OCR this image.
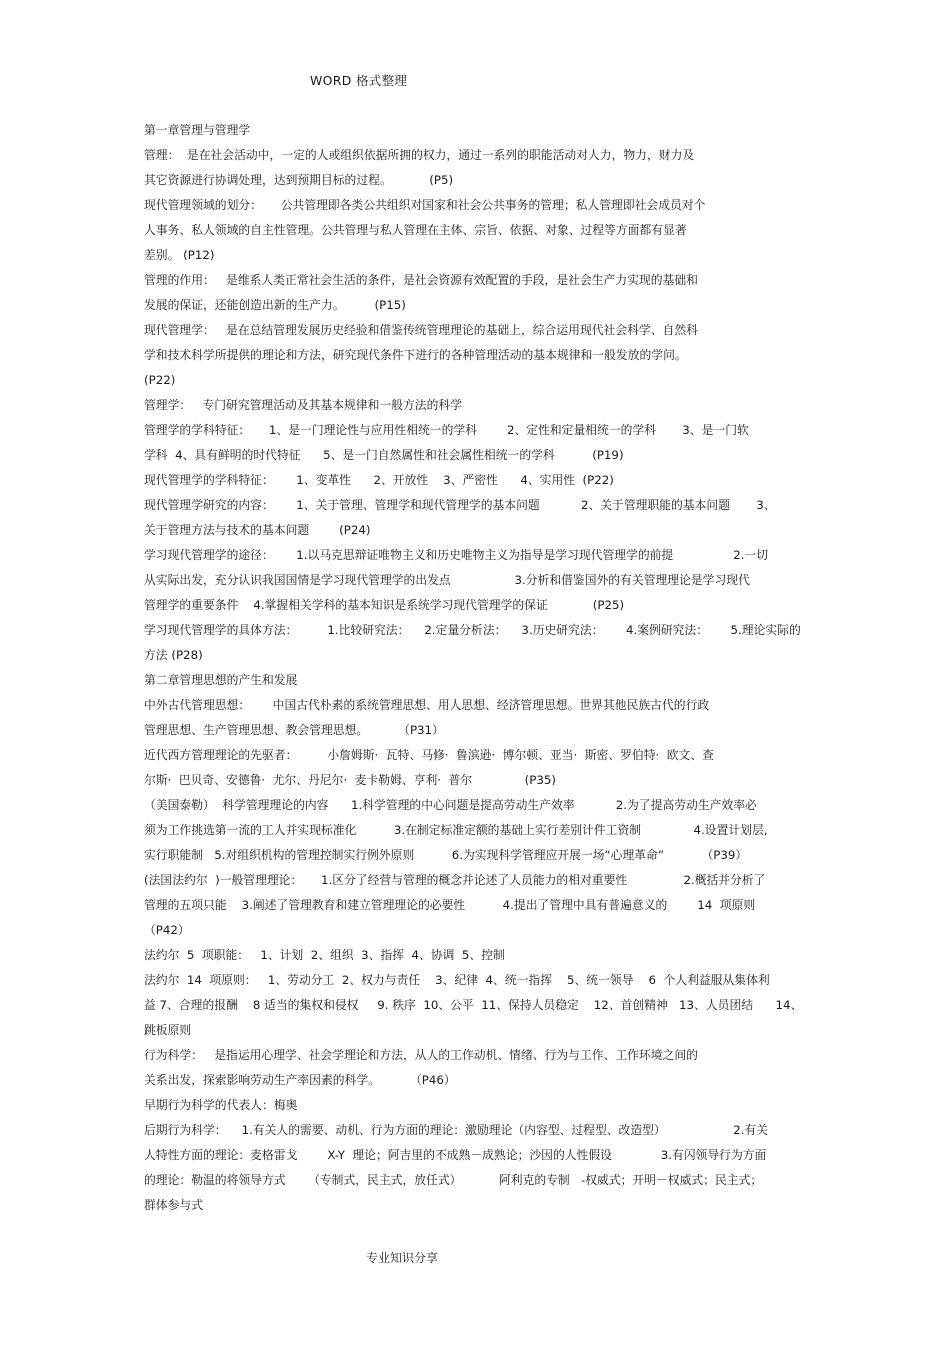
WORD 格式整理
第一章管理与管理学
管理：  是在社会活动中，一定的人或组织依据所拥的权力，通过一系列的职能活动对人力，物力，财力及
其它资源进行协调处理，达到预期目标的过程。          (P5)
现代管理领域的划分：     公共管理即各类公共组织对国家和社会公共事务的管理；私人管理即社会成员对个
人事务、私人领域的自主性管理。公共管理与私人管理在主体、宗旨、依据、对象、过程等方面都有显著
差别。 (P12)
管理的作用：   是维系人类正常社会生活的条件，是社会资源有效配置的手段，是社会生产力实现的基础和
发展的保证，还能创造出新的生产力。        (P15)
现代管理学：   是在总结管理发展历史经验和借鉴传统管理理论的基础上，综合运用现代社会科学、自然科
学和技术科学所提供的理论和方法，研究现代条件下进行的各种管理活动的基本规律和一般发放的学问。
(P22)
管理学：   专门研究管理活动及其基本规律和一般方法的科学
管理学的学科特征：     1、是一门理论性与应用性相统一的学科        2、定性和定量相统一的学科       3、是一门软
学科  4、具有鲜明的时代特征      5、是一门自然属性和社会属性相统一的学科          (P19)
现代管理学的学科特征：      1、变革性      2、开放性    3、严密性      4、实用性  (P22)
现代管理学研究的内容：      1、关于管理、管理学和现代管理学的基本问题           2、关于管理职能的基本问题       3、
关于管理方法与技术的基本问题        (P24)
学习现代管理学的途径：      1.以马克思辩证唯物主义和历史唯物主义为指导是学习现代管理学的前提                2.一切
从实际出发，充分认识我国国情是学习现代管理学的出发点                 3.分析和借鉴国外的有关管理理论是学习现代
管理学的重要条件    4.掌握相关学科的基本知识是系统学习现代管理学的保证            (P25)
学习现代管理学的具体方法：        1.比较研究法：    2.定量分析法：    3.历史研究法：      4.案例研究法：      5.理论实际的
方法 (P28)
第二章管理思想的产生和发展
中外古代管理思想：      中国古代朴素的系统管理思想、用人思想、经济管理思想。世界其他民族古代的行政
管理思想、生产管理思想、教会管理思想。        （P31）
近代西方管理理论的先驱者：        小詹姆斯·  瓦特、马修·  鲁滨逊·  博尔顿、亚当·  斯密、罗伯特·  欧文、查
尔斯·  巴贝奇、安德鲁·  尤尔、丹尼尔·  麦卡勒姆、亨利·  普尔              (P35)
（美国泰勒）  科学管理理论的内容      1.科学管理的中心问题是提高劳动生产效率           2.为了提高劳动生产效率必
须为工作挑选第一流的工人并实现标准化          3.在制定标准定额的基础上实行差别计件工资制              4.设置计划层,
实行职能制   5.对组织机构的管理控制实行例外原则          6.为实现科学管理应开展一场“心理革命”          （P39）
(法国法约尔  )一般管理理论：     1.区分了经营与管理的概念并论述了人员能力的相对重要性               2.概括并分析了
管理的五项只能    3.阐述了管理教育和建立管理理论的必要性          4.提出了管理中具有普遍意义的        14  项原则
（P42）
法约尔  5  项职能：   1、计划  2、组织  3、指挥  4、协调  5、控制
法约尔  14  项原则：   1、劳动分工  2、权力与责任    3、纪律  4、统一指挥    5、统一领导    6  个人利益服从集体利
益 7、合理的报酬    8 适当的集权和侵权     9. 秩序  10、公平  11、保持人员稳定    12、首创精神   13、人员团结      14、
跳板原则
行为科学：   是指运用心理学、社会学理论和方法，从人的工作动机、情绪、行为与工作、工作环境之间的
关系出发，探索影响劳动生产率因素的科学。        （P46）
早期行为科学的代表人：梅奥
后期行为科学：    1.有关人的需要、动机、行为方面的理论：激励理论（内容型、过程型、改造型）                  2.有关
人特性方面的理论：麦格雷戈        X-Y  理论；阿吉里的不成熟－成熟论；沙因的人性假设             3.有闪领导行为方面
的理论：勒温的将领导方式      （专制式，民主式，放任式）          阿利克的专制   -权威式；开明－权威式；民主式；
群体参与式
专业知识分享
